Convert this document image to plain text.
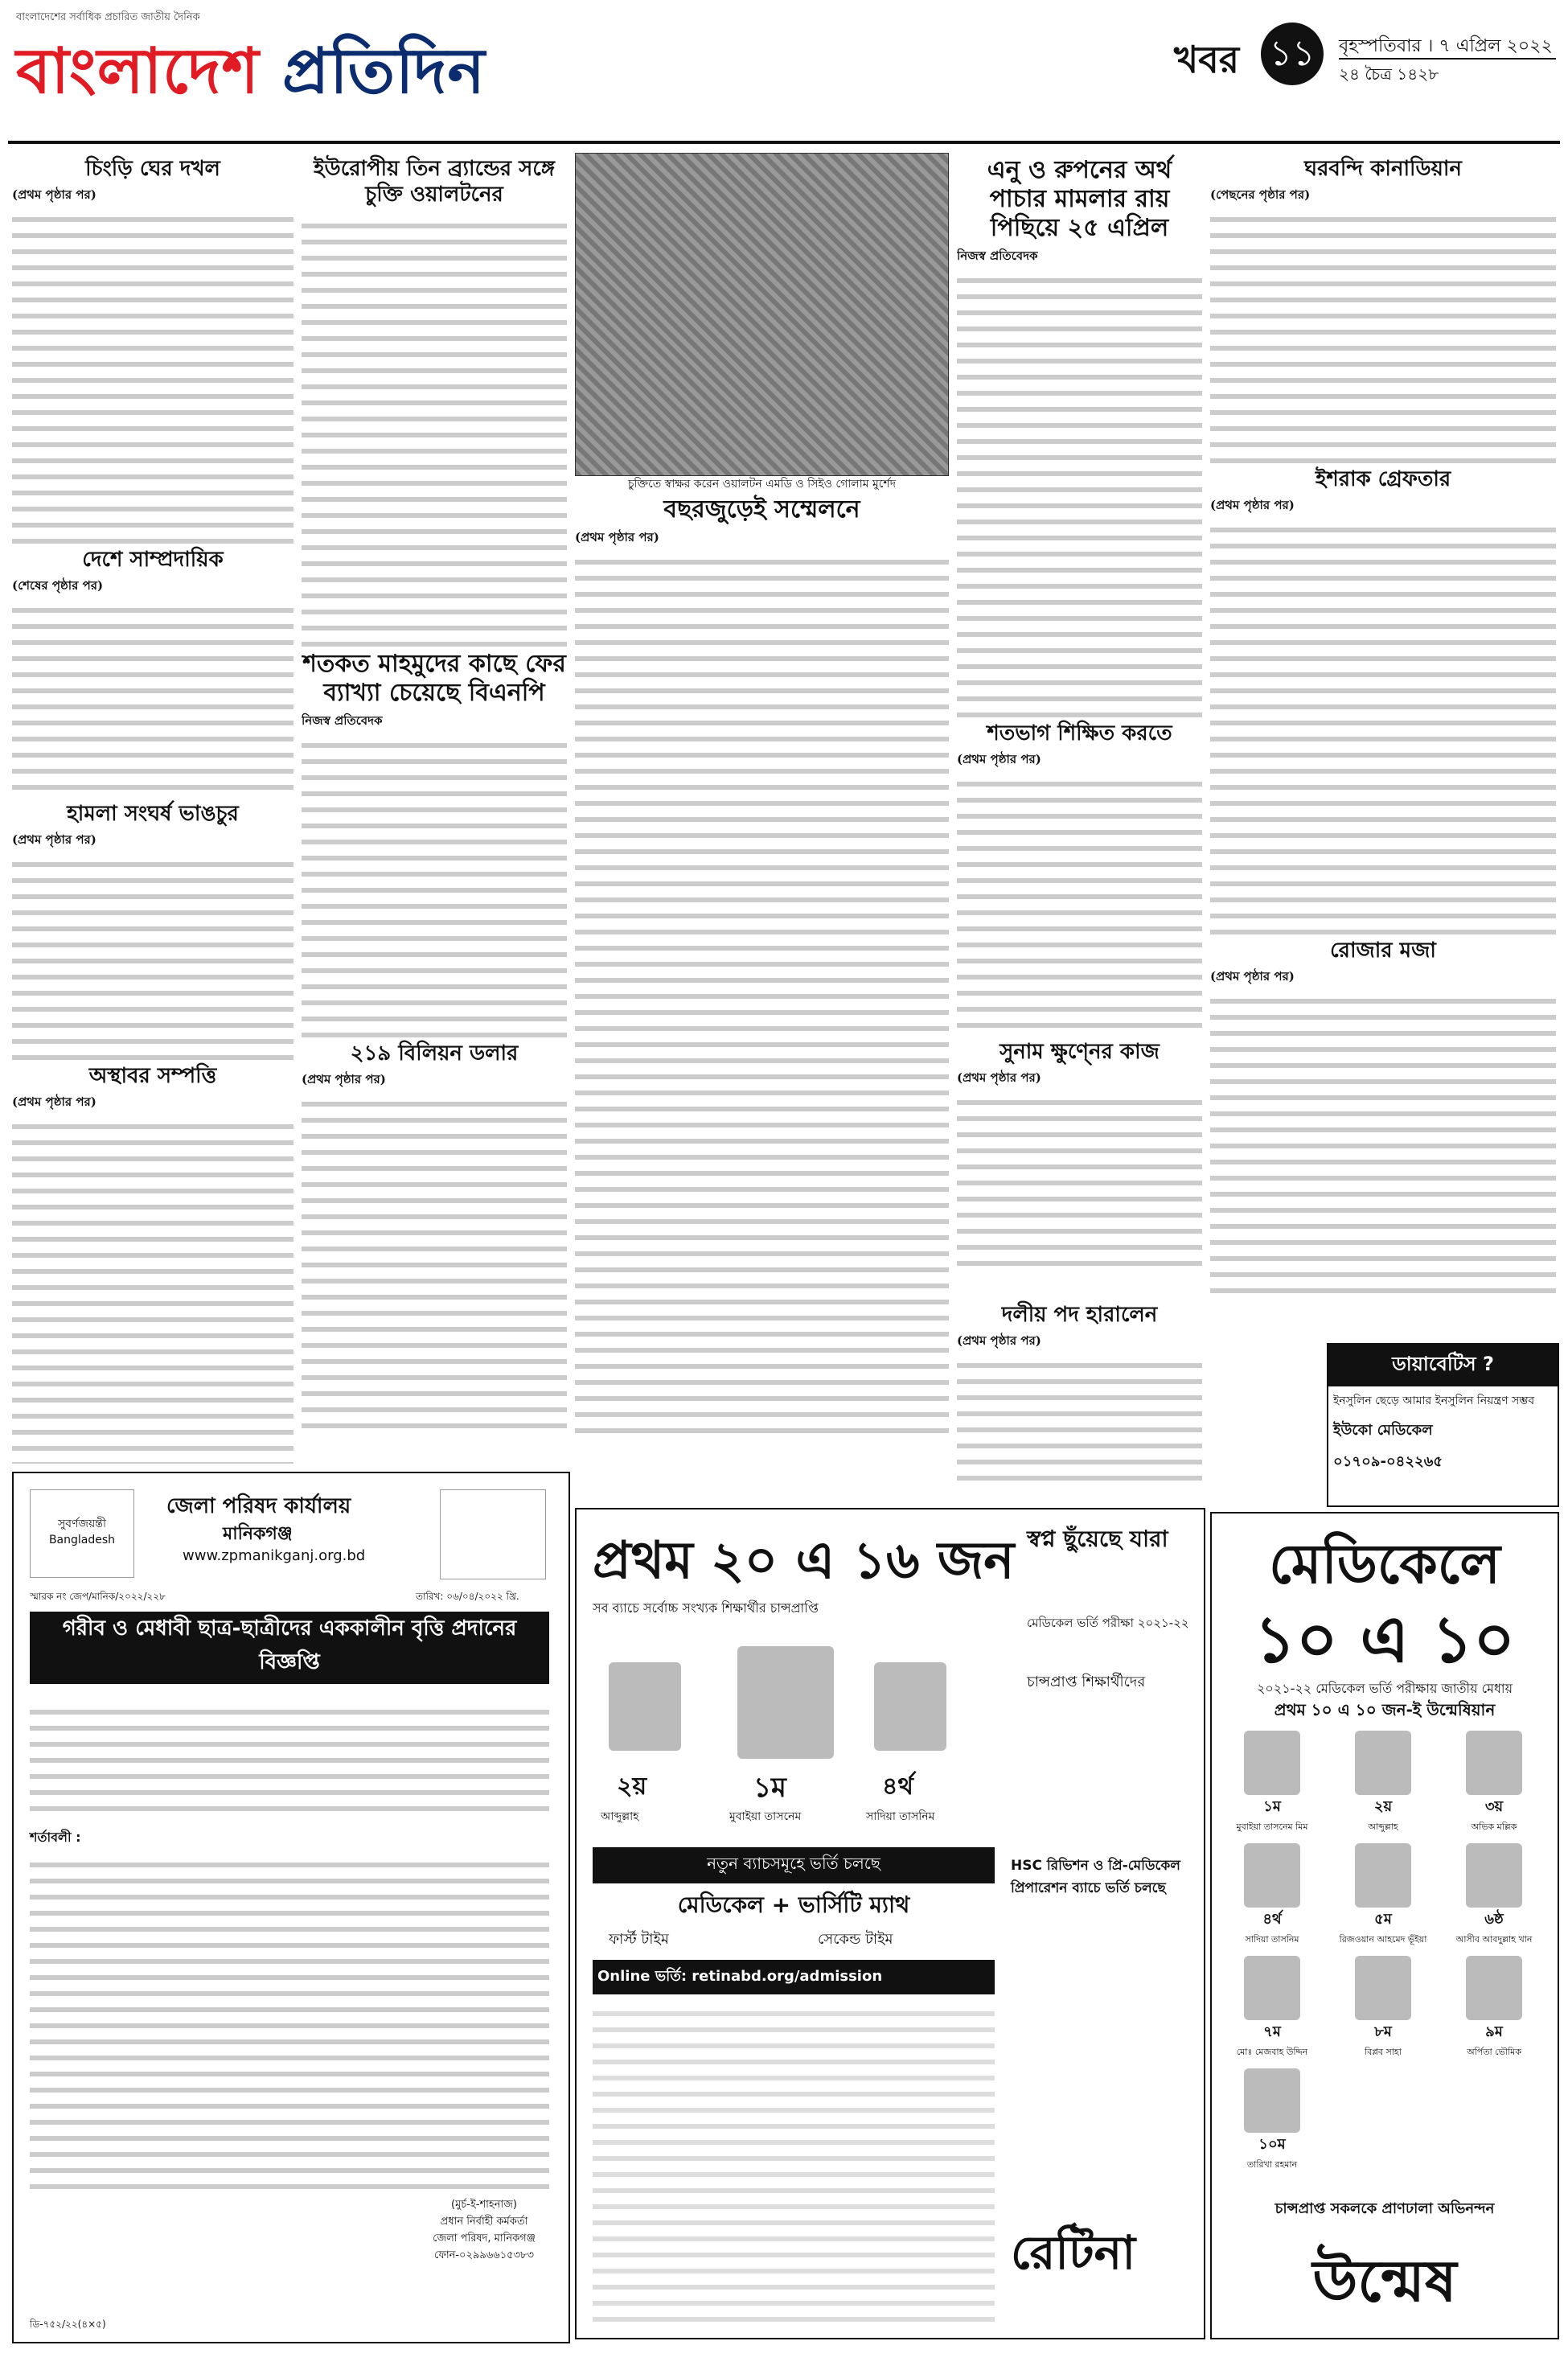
বাংলাদেশের সর্বাধিক প্রচারিত জাতীয় দৈনিক
বাংলাদেশ প্রতিদিন	খবর ১১	বৃহস্পতিবার । ৭ এপ্রিল ২০২২
২৪ চৈত্র ১৪২৮
চিংড়ি ঘের দখল
(প্রথম পৃষ্ঠার পর)
দেশে সাম্প্রদায়িক
(শেষের পৃষ্ঠার পর)
হামলা সংঘর্ষ ভাঙচুর
(প্রথম পৃষ্ঠার পর)
অস্থাবর সম্পত্তি
(প্রথম পৃষ্ঠার পর)
ইউরোপীয় তিন ব্র্যান্ডের সঙ্গে চুক্তি ওয়ালটনের
শতকত মাহমুদের কাছে ফের ব্যাখ্যা চেয়েছে বিএনপি
নিজস্ব প্রতিবেদক
২১৯ বিলিয়ন ডলার
(প্রথম পৃষ্ঠার পর)
চুক্তিতে স্বাক্ষর করেন ওয়ালটন এমডি ও সিইও গোলাম মুর্শেদ
বছরজুড়েই সম্মেলনে
(প্রথম পৃষ্ঠার পর)
এনু ও রুপনের অর্থ পাচার মামলার রায় পিছিয়ে ২৫ এপ্রিল
নিজস্ব প্রতিবেদক
শতভাগ শিক্ষিত করতে
(প্রথম পৃষ্ঠার পর)
সুনাম ক্ষুণ্নের কাজ
(প্রথম পৃষ্ঠার পর)
দলীয় পদ হারালেন
(প্রথম পৃষ্ঠার পর)
ঘরবন্দি কানাডিয়ান
(পেছনের পৃষ্ঠার পর)
ইশরাক গ্রেফতার
(প্রথম পৃষ্ঠার পর)
রোজার মজা
(প্রথম পৃষ্ঠার পর)
সুবর্ণজয়ন্তী Bangladesh
জেলা পরিষদ কার্যালয়
মানিকগঞ্জ
www.zpmanikganj.org.bd
স্মারক নং জেপ/মানিক/২০২২/২২৮	তারিখ: ০৬/০৪/২০২২ খ্রি.
গরীব ও মেধাবী ছাত্র-ছাত্রীদের এককালীন বৃত্তি প্রদানের বিজ্ঞপ্তি
শর্তাবলী :
(মুর্চ-ই-শাহনাজ)
প্রধান নির্বাহী কর্মকর্তা
জেলা পরিষদ, মানিকগঞ্জ
ফোন-০২৯৯৬৬১৫৩৮৩
ডি-৭৫২/২২(৪×৫)
ডায়াবেটিস ?
ইনসুলিন ছেড়ে আমার ইনসুলিন নিয়ন্ত্রণ সম্ভব
ইউকো মেডিকেল
০১৭০৯-০৪২২৬৫
প্রথম ২০ এ ১৬ জন স্বপ্ন ছুঁয়েছে যারা
সব ব্যাচে সর্বোচ্চ সংখ্যক শিক্ষার্থীর চান্সপ্রাপ্তি
মেডিকেল ভর্তি পরীক্ষা ২০২১-২২
২য়	১ম	৪র্থ
আব্দুল্লাহ	মুবাইয়া তাসনেম	সাদিয়া তাসনিম
চান্সপ্রাপ্ত শিক্ষার্থীদের
নতুন ব্যাচসমূহে ভর্তি চলছে
মেডিকেল + ভার্সিটি ম্যাথ
HSC রিভিশন ও প্রি-মেডিকেল প্রিপারেশন ব্যাচে ভর্তি চলছে
ফার্স্ট টাইম	সেকেন্ড টাইম
Online ভর্তি: retinabd.org/admission
রেটিনা
মেডিকেলে
১০ এ ১০
২০২১-২২ মেডিকেল ভর্তি পরীক্ষায় জাতীয় মেধায়
প্রথম ১০ এ ১০ জন-ই উন্মেষিয়ান
১ম
মুবাইয়া তাসনেম মিম
২য়
আব্দুল্লাহ
৩য়
অভিক মল্লিক
৪র্থ
সাদিয়া তাসনিম
৫ম
রিজওয়ান আহমেদ ভূঁইয়া
৬ষ্ঠ
আসীব আবদুল্লাহ খান
৭ম
মোঃ মেজবাহ উদ্দিন
৮ম
বিপ্লব সাহা
৯ম
অর্পিতা ভৌমিক
১০ম
তারিখা রহমান
চান্সপ্রাপ্ত সকলকে প্রাণঢালা অভিনন্দন
উন্মেষ
